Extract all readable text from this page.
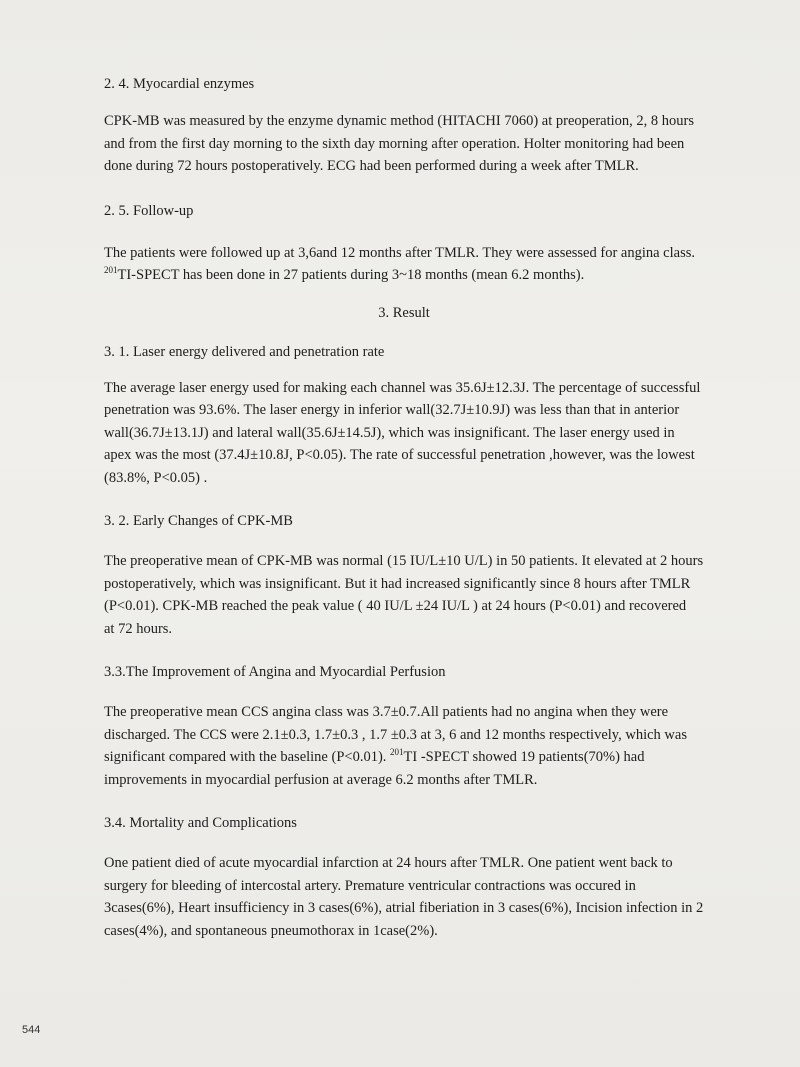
2. 4. Myocardial enzymes

CPK-MB was measured by the enzyme dynamic method (HITACHI 7060) at preoperation, 2, 8 hours

and from the first day morning to the sixth day morning after operation. Holter monitoring had been

done during 72 hours postoperatively. ECG had been performed during a week after TMLR.

2. 5. Follow-up

The patients were followed up at 3,6and 12 months after TMLR. They were assessed for angina class.

$^{201}$TI-SPECT has been done in 27 patients during 3~18 months (mean 6.2 months).

3. Result

3. 1. Laser energy delivered and penetration rate

The average laser energy used for making each channel was 35.6J±12.3J. The percentage of successful

penetration was 93.6%. The laser energy in inferior wall(32.7J±10.9J) was less than that in anterior

wall(36.7J±13.1J) and lateral wall(35.6J±14.5J), which was insignificant. The laser energy used in

apex was the most (37.4J±10.8J, P<0.05). The rate of successful penetration ,however, was the lowest

(83.8%, P<0.05) .

3. 2. Early Changes of CPK-MB

The preoperative mean of CPK-MB was normal (15 IU/L±10 U/L) in 50 patients. It elevated at 2 hours

postoperatively, which was insignificant. But it had increased significantly since 8 hours after TMLR

(P<0.01). CPK-MB reached the peak value ( 40 IU/L ±24 IU/L ) at 24 hours (P<0.01) and recovered

at 72 hours.

3.3.The Improvement of Angina and Myocardial Perfusion

The preoperative mean CCS angina class was 3.7±0.7.All patients had no angina when they were

discharged. The CCS were 2.1±0.3, 1.7±0.3 , 1.7 ±0.3 at 3, 6 and 12 months respectively, which was

significant compared with the baseline (P<0.01). $^{201}$TI -SPECT showed 19 patients(70%) had

improvements in myocardial perfusion at average 6.2 months after TMLR.

3.4. Mortality and Complications

One patient died of acute myocardial infarction at 24 hours after TMLR. One patient went back to

surgery for bleeding of intercostal artery. Premature ventricular contractions was occured in

3cases(6%), Heart insufficiency in 3 cases(6%), atrial fiberiation in 3 cases(6%), Incision infection in 2

cases(4%), and spontaneous pneumothorax in 1case(2%).

544
